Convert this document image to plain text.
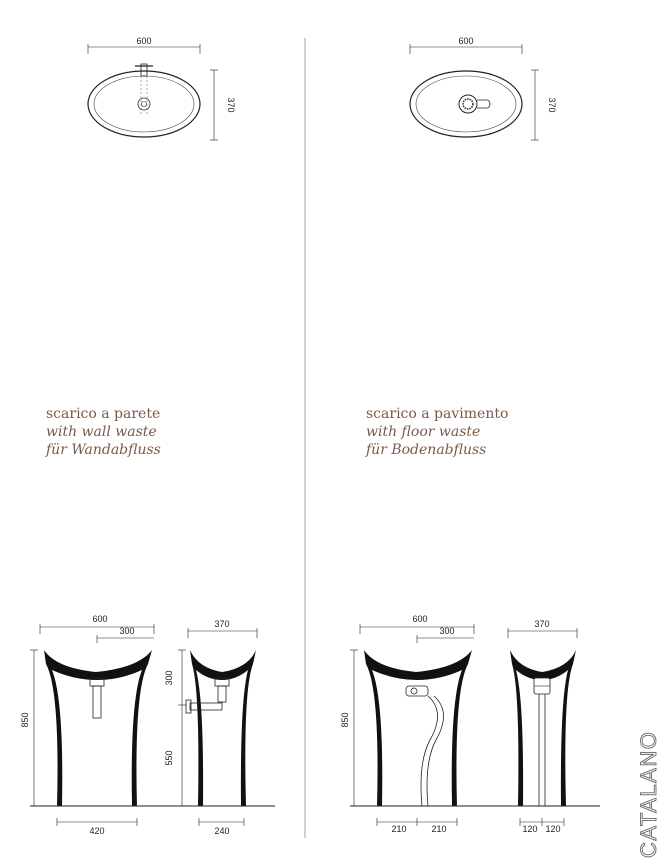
600
370
600
370
600
300
850
420
370
300
550
240
600
300
850
210	210
370
120 120
scarico a parete
with wall waste
für Wandabfluss
scarico a pavimento
with floor waste
für Bodenabfluss
CATALANO
